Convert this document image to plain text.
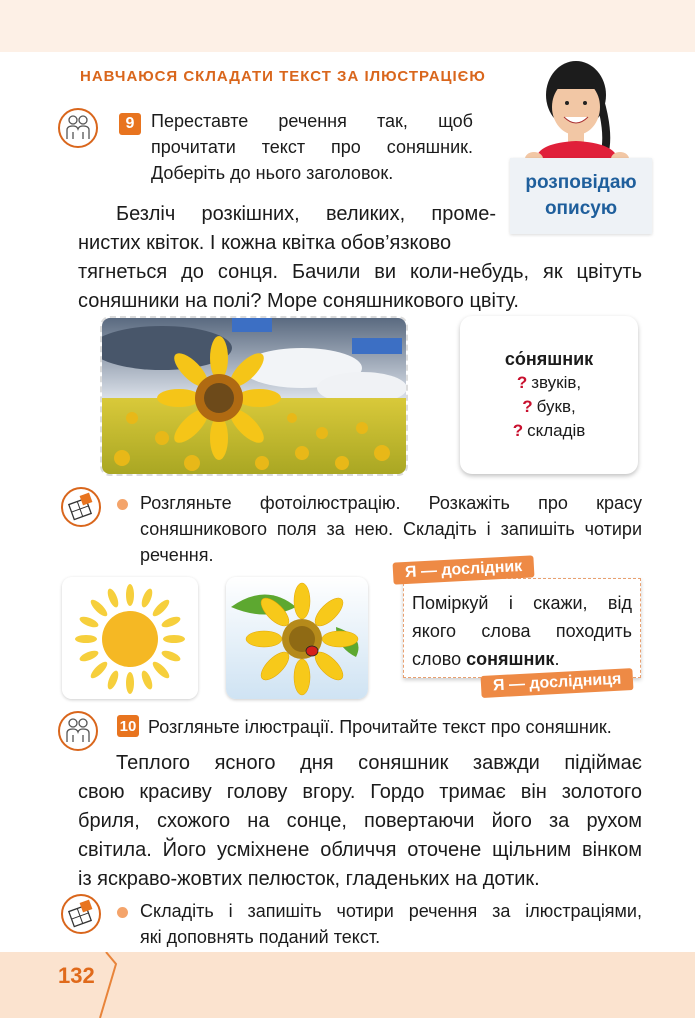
НАВЧАЮСЯ СКЛАДАТИ ТЕКСТ ЗА ІЛЮСТРАЦІЄЮ
розповідаю
описую
9 Переставте речення так, щоб
прочитати текст про соняшник.
Доберіть до нього заголовок.
Безліч розкішних, великих, проме-
нистих квіток. І кожна квітка обов’язково
тягнеться до сонця. Бачили ви коли-небудь, як цвітуть
соняшники на полі? Море соняшникового цвіту.
со́няшник
? звуків,
? букв,
? складів
Розгляньте фотоілюстрацію. Розкажіть про красу
соняшникового поля за нею. Складіть і запишіть чотири
речення.
Поміркуй і скажи, від
якого слова походить
слово соняшник.
Я — дослідник
Я — дослідниця
10 Розгляньте ілюстрації. Прочитайте текст про соняшник.
Теплого ясного дня соняшник завжди підіймає
свою красиву голову вгору. Гордо тримає він золотого
бриля, схожого на сонце, повертаючи його за рухом
світила. Його усміхнене обличчя оточене щільним вінком
із яскраво-жовтих пелюсток, гладеньких на дотик.
Складіть і запишіть чотири речення за ілюстраціями,
які доповнять поданий текст.
132
